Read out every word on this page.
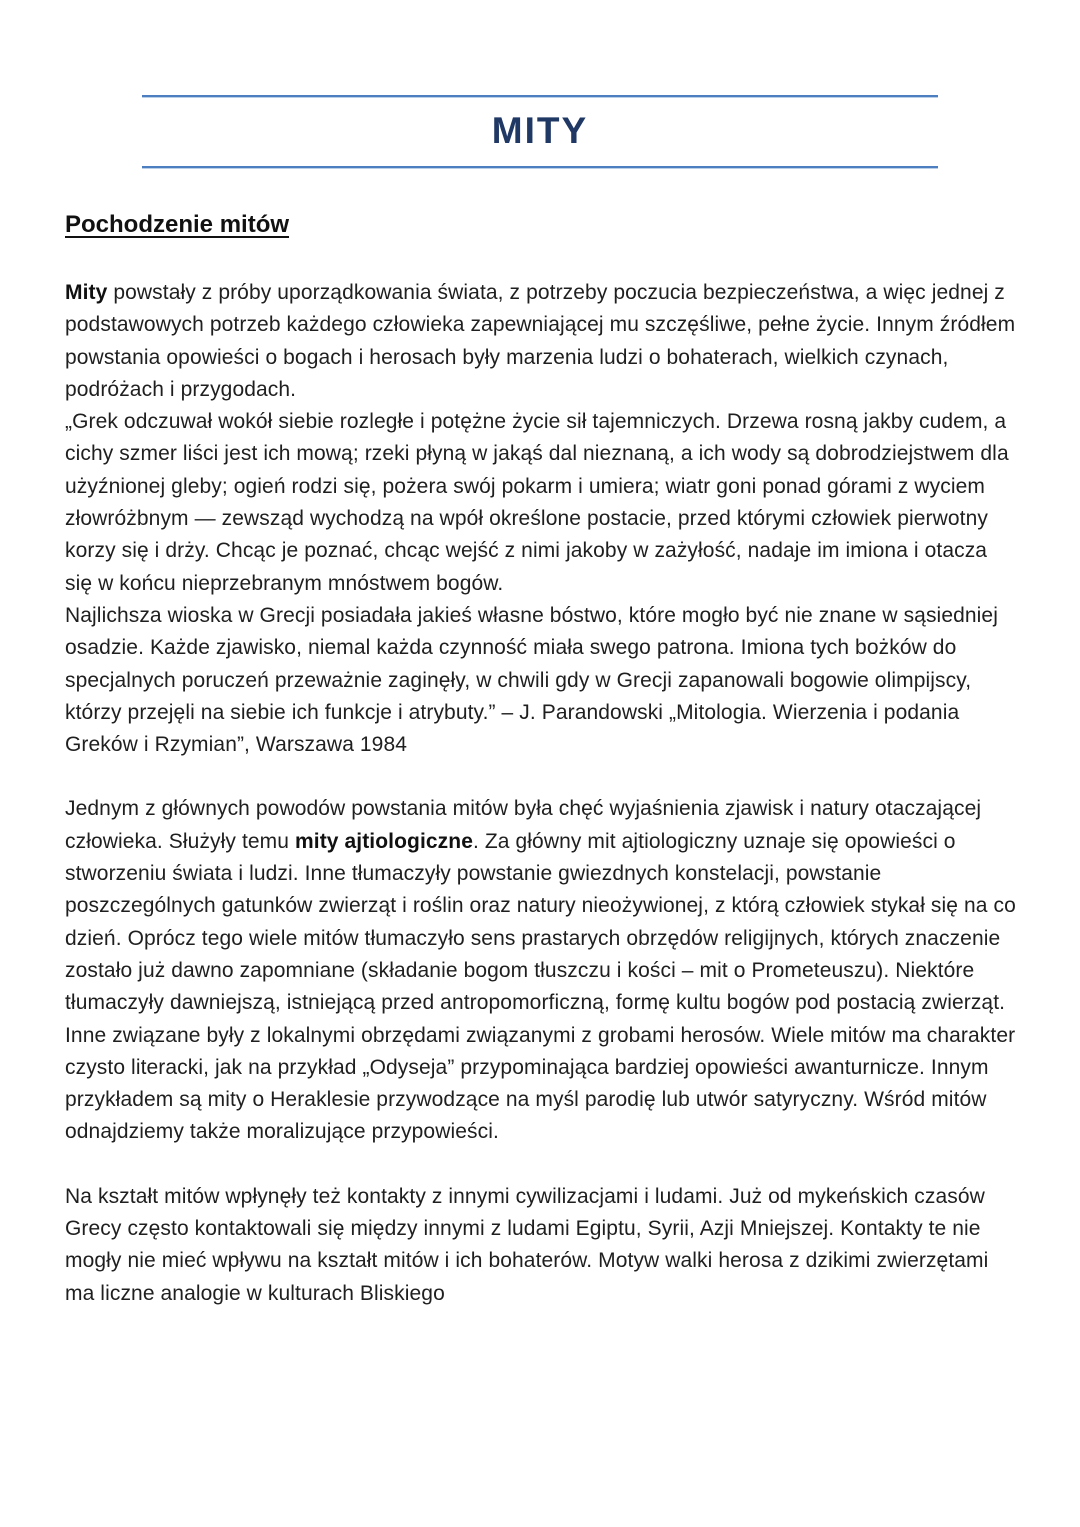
MITY
Pochodzenie mitów

Mity powstały z próby uporządkowania świata, z potrzeby poczucia bezpieczeństwa, a więc jednej z podstawowych potrzeb każdego człowieka zapewniającej mu szczęśliwe, pełne życie. Innym źródłem powstania opowieści o bogach i herosach były marzenia ludzi o bohaterach, wielkich czynach, podróżach i przygodach.

„Grek odczuwał wokół siebie rozległe i potężne życie sił tajemniczych. Drzewa rosną jakby cudem, a cichy szmer liści jest ich mową; rzeki płyną w jakąś dal nieznaną, a ich wody są dobrodziejstwem dla użyźnionej gleby; ogień rodzi się, pożera swój pokarm i umiera; wiatr goni ponad górami z wyciem złowróżbnym — zewsząd wychodzą na wpół określone postacie, przed którymi człowiek pierwotny korzy się i drży. Chcąc je poznać, chcąc wejść z nimi jakoby w zażyłość, nadaje im imiona i otacza się w końcu nieprzebranym mnóstwem bogów.

Najlichsza wioska w Grecji posiadała jakieś własne bóstwo, które mogło być nie znane w sąsiedniej osadzie. Każde zjawisko, niemal każda czynność miała swego patrona. Imiona tych bożków do specjalnych poruczeń przeważnie zaginęły, w chwili gdy w Grecji zapanowali bogowie olimpijscy, którzy przejęli na siebie ich funkcje i atrybuty.” – J. Parandowski „Mitologia. Wierzenia i podania Greków i Rzymian”, Warszawa 1984

Jednym z głównych powodów powstania mitów była chęć wyjaśnienia zjawisk i natury otaczającej człowieka. Służyły temu mity ajtiologiczne. Za główny mit ajtiologiczny uznaje się opowieści o stworzeniu świata i ludzi. Inne tłumaczyły powstanie gwiezdnych konstelacji, powstanie poszczególnych gatunków zwierząt i roślin oraz natury nieożywionej, z którą człowiek stykał się na co dzień. Oprócz tego wiele mitów tłumaczyło sens prastarych obrzędów religijnych, których znaczenie zostało już dawno zapomniane (składanie bogom tłuszczu i kości – mit o Prometeuszu). Niektóre tłumaczyły dawniejszą, istniejącą przed antropomorficzną, formę kultu bogów pod postacią zwierząt. Inne związane były z lokalnymi obrzędami związanymi z grobami herosów. Wiele mitów ma charakter czysto literacki, jak na przykład „Odyseja” przypominająca bardziej opowieści awanturnicze. Innym przykładem są mity o Heraklesie przywodzące na myśl parodię lub utwór satyryczny. Wśród mitów odnajdziemy także moralizujące przypowieści.

Na kształt mitów wpłynęły też kontakty z innymi cywilizacjami i ludami. Już od mykeńskich czasów Grecy często kontaktowali się między innymi z ludami Egiptu, Syrii, Azji Mniejszej. Kontakty te nie mogły nie mieć wpływu na kształt mitów i ich bohaterów. Motyw walki herosa z dzikimi zwierzętami ma liczne analogie w kulturach Bliskiego
